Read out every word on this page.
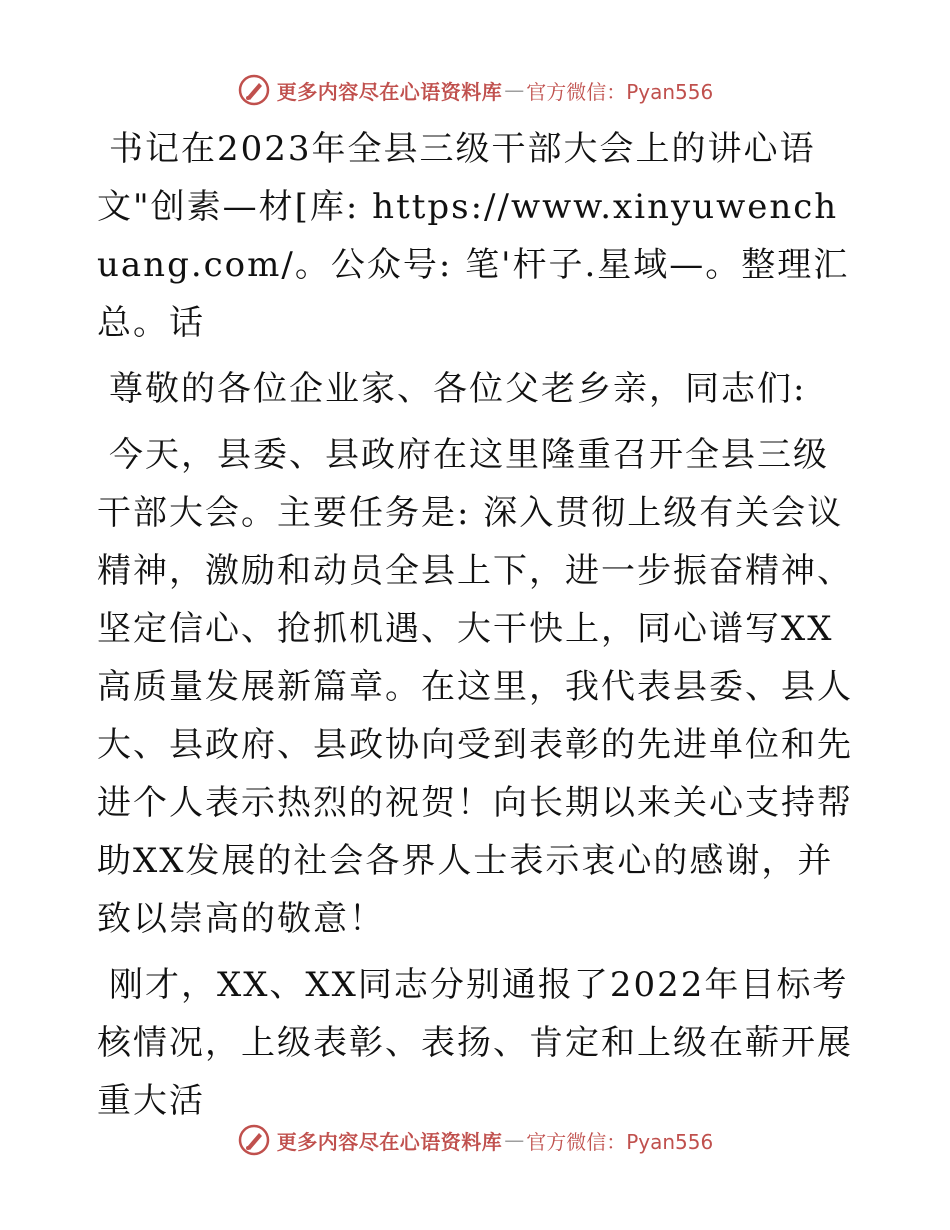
更多内容尽在心语资料库 — 官方微信：Pyan556

书记在2023年全县三级干部大会上的讲心语文"创素—材[库: https://www.xinyuwenchuang.com/。公众号: 笔'杆子.星域—。整理汇总。话

尊敬的各位企业家、各位父老乡亲，同志们:

今天，县委、县政府在这里隆重召开全县三级干部大会。主要任务是: 深入贯彻上级有关会议精神，激励和动员全县上下，进一步振奋精神、坚定信心、抢抓机遇、大干快上，同心谱写XX高质量发展新篇章。在这里，我代表县委、县人大、县政府、县政协向受到表彰的先进单位和先进个人表示热烈的祝贺！向长期以来关心支持帮助XX发展的社会各界人士表示衷心的感谢，并致以崇高的敬意！

刚才，XX、XX同志分别通报了2022年目标考核情况，上级表彰、表扬、肯定和上级在蕲开展重大活

更多内容尽在心语资料库 — 官方微信：Pyan556
